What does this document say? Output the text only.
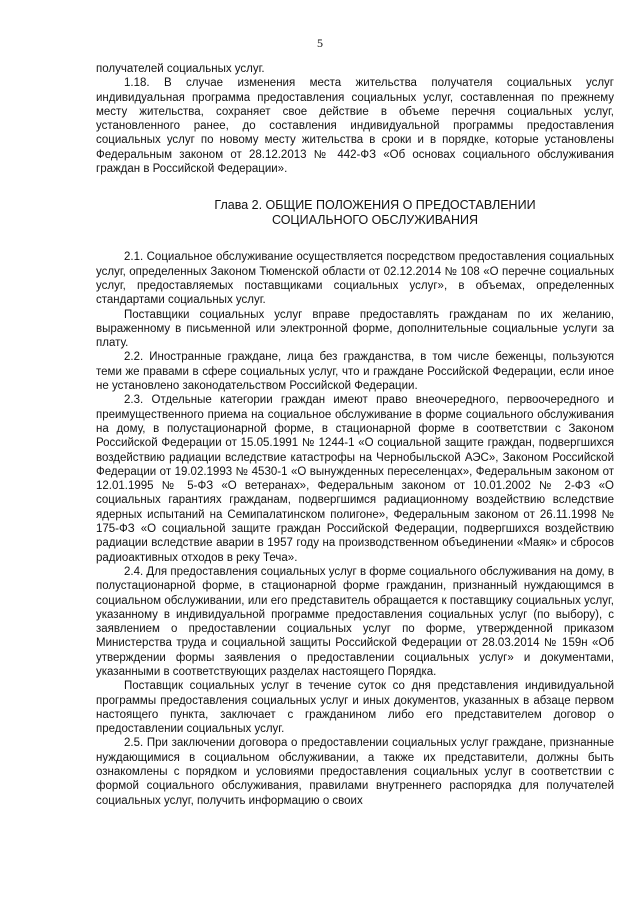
5

получателей социальных услуг.

1.18. В случае изменения места жительства получателя социальных услуг индивидуальная программа предоставления социальных услуг, составленная по прежнему месту жительства, сохраняет свое действие в объеме перечня социальных услуг, установленного ранее, до составления индивидуальной программы предоставления социальных услуг по новому месту жительства в сроки и в порядке, которые установлены Федеральным законом от 28.12.2013 № 442-ФЗ «Об основах социального обслуживания граждан в Российской Федерации».

Глава 2. ОБЩИЕ ПОЛОЖЕНИЯ О ПРЕДОСТАВЛЕНИИ
СОЦИАЛЬНОГО ОБСЛУЖИВАНИЯ

2.1. Социальное обслуживание осуществляется посредством предоставления социальных услуг, определенных Законом Тюменской области от 02.12.2014 № 108 «О перечне социальных услуг, предоставляемых поставщиками социальных услуг», в объемах, определенных стандартами социальных услуг.

Поставщики социальных услуг вправе предоставлять гражданам по их желанию, выраженному в письменной или электронной форме, дополнительные социальные услуги за плату.

2.2. Иностранные граждане, лица без гражданства, в том числе беженцы, пользуются теми же правами в сфере социальных услуг, что и граждане Российской Федерации, если иное не установлено законодательством Российской Федерации.

2.3. Отдельные категории граждан имеют право внеочередного, первоочередного и преимущественного приема на социальное обслуживание в форме социального обслуживания на дому, в полустационарной форме, в стационарной форме в соответствии с Законом Российской Федерации от 15.05.1991 № 1244-1 «О социальной защите граждан, подвергшихся воздействию радиации вследствие катастрофы на Чернобыльской АЭС», Законом Российской Федерации от 19.02.1993 № 4530-1 «О вынужденных переселенцах», Федеральным законом от 12.01.1995 № 5-ФЗ «О ветеранах», Федеральным законом от 10.01.2002 № 2-ФЗ «О социальных гарантиях гражданам, подвергшимся радиационному воздействию вследствие ядерных испытаний на Семипалатинском полигоне», Федеральным законом от 26.11.1998 № 175-ФЗ «О социальной защите граждан Российской Федерации, подвергшихся воздействию радиации вследствие аварии в 1957 году на производственном объединении «Маяк» и сбросов радиоактивных отходов в реку Теча».

2.4. Для предоставления социальных услуг в форме социального обслуживания на дому, в полустационарной форме, в стационарной форме гражданин, признанный нуждающимся в социальном обслуживании, или его представитель обращается к поставщику социальных услуг, указанному в индивидуальной программе предоставления социальных услуг (по выбору), с заявлением о предоставлении социальных услуг по форме, утвержденной приказом Министерства труда и социальной защиты Российской Федерации от 28.03.2014 № 159н «Об утверждении формы заявления о предоставлении социальных услуг» и документами, указанными в соответствующих разделах настоящего Порядка.

Поставщик социальных услуг в течение суток со дня представления индивидуальной программы предоставления социальных услуг и иных документов, указанных в абзаце первом настоящего пункта, заключает с гражданином либо его представителем договор о предоставлении социальных услуг.

2.5. При заключении договора о предоставлении социальных услуг граждане, признанные нуждающимися в социальном обслуживании, а также их представители, должны быть ознакомлены с порядком и условиями предоставления социальных услуг в соответствии с формой социального обслуживания, правилами внутреннего распорядка для получателей социальных услуг, получить информацию о своих
